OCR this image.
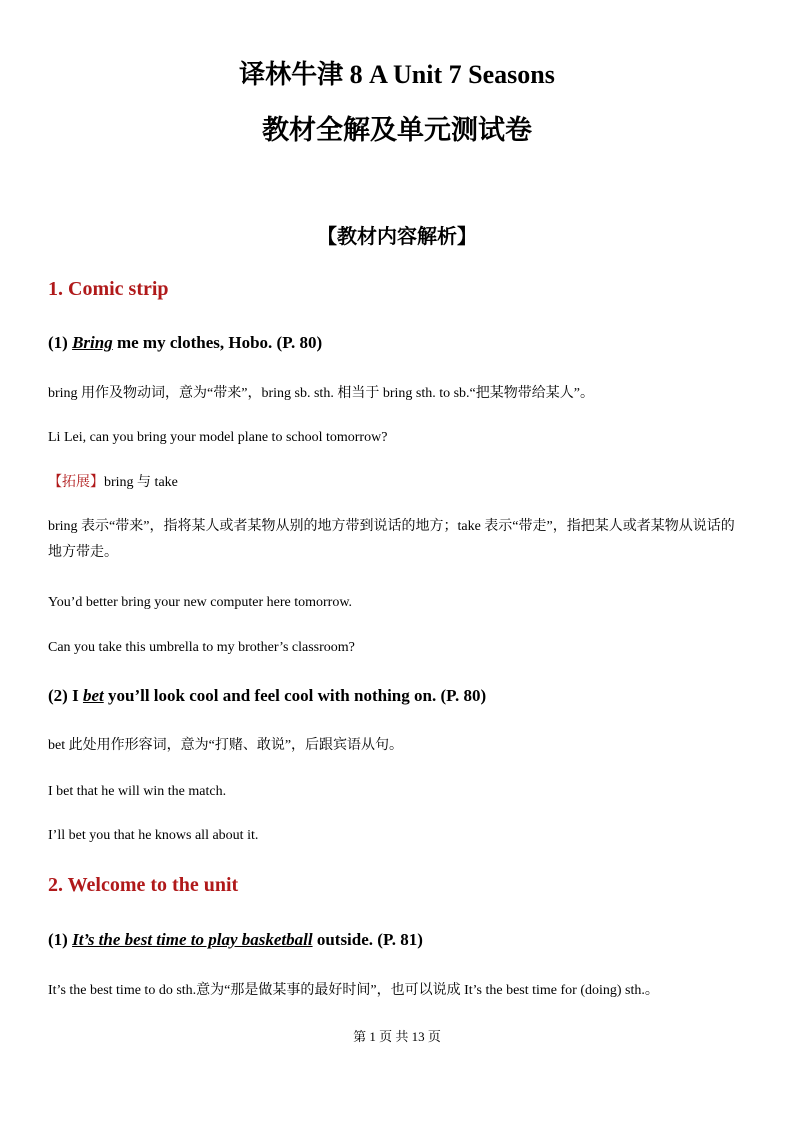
译林牛津 8 A Unit 7 Seasons
教材全解及单元测试卷
【教材内容解析】
1. Comic strip
(1) Bring me my clothes, Hobo. (P. 80)
bring 用作及物动词，意为“带来”，bring sb. sth. 相当于 bring sth. to sb.“把某物带给某人”。
Li Lei, can you bring your model plane to school tomorrow?
【拓展】bring 与 take
bring 表示“带来”，指将某人或者某物从别的地方带到说话的地方；take 表示“带走”，指把某人或者某物从说话的地方带走。
You’d better bring your new computer here tomorrow.
Can you take this umbrella to my brother’s classroom?
(2) I bet you’ll look cool and feel cool with nothing on. (P. 80)
bet 此处用作形容词，意为“打赌、敢说”，后跟宾语从句。
I bet that he will win the match.
I’ll bet you that he knows all about it.
2. Welcome to the unit
(1) It’s the best time to play basketball outside. (P. 81)
It’s the best time to do sth.意为“那是做某事的最好时间”，也可以说成 It’s the best time for (doing) sth.。
第 1 页 共 13 页
